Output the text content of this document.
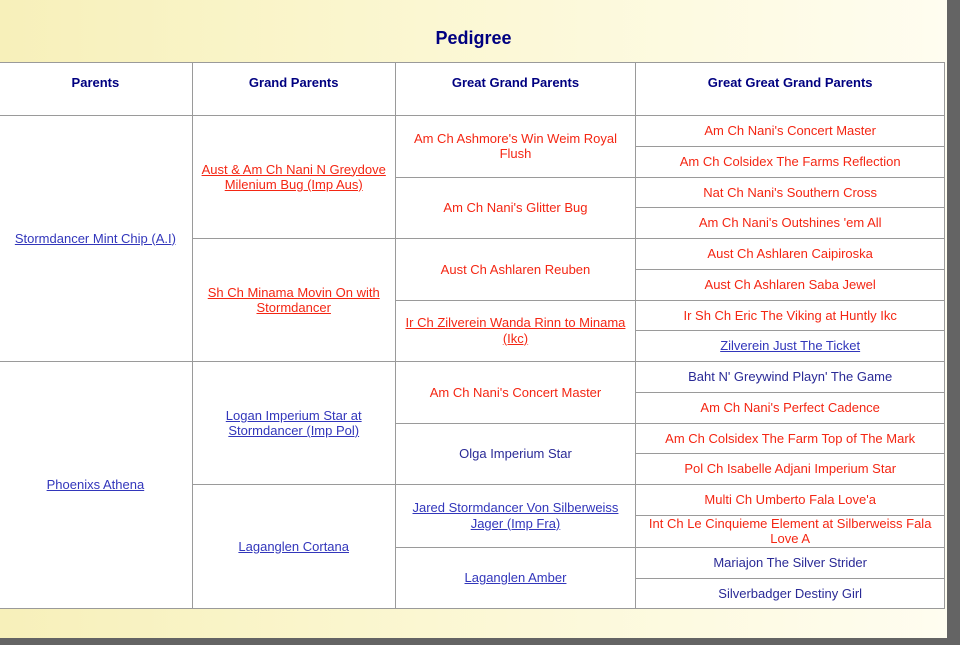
Pedigree
Parents	Grand Parents	Great Grand Parents	Great Great Grand Parents
Stormdancer Mint Chip (A.I)	Aust & Am Ch Nani N Greydove Milenium Bug (Imp Aus)	Am Ch Ashmore's Win Weim Royal Flush	Am Ch Nani's Concert Master
			Am Ch Colsidex The Farms Reflection
		Am Ch Nani's Glitter Bug	Nat Ch Nani's Southern Cross
			Am Ch Nani's Outshines 'em All
	Sh Ch Minama Movin On with Stormdancer	Aust Ch Ashlaren Reuben	Aust Ch Ashlaren Caipiroska
			Aust Ch Ashlaren Saba Jewel
		Ir Ch Zilverein Wanda Rinn to Minama (Ikc)	Ir Sh Ch Eric The Viking at Huntly Ikc
			Zilverein Just The Ticket
Phoenixs Athena	Logan Imperium Star at Stormdancer (Imp Pol)	Am Ch Nani's Concert Master	Baht N' Greywind Playn' The Game
			Am Ch Nani's Perfect Cadence
		Olga Imperium Star	Am Ch Colsidex The Farm Top of The Mark
			Pol Ch Isabelle Adjani Imperium Star
	Laganglen Cortana	Jared Stormdancer Von Silberweiss Jager (Imp Fra)	Multi Ch Umberto Fala Love'a
			Int Ch Le Cinquieme Element at Silberweiss Fala Love A
		Laganglen Amber	Mariajon The Silver Strider
			Silverbadger Destiny Girl
